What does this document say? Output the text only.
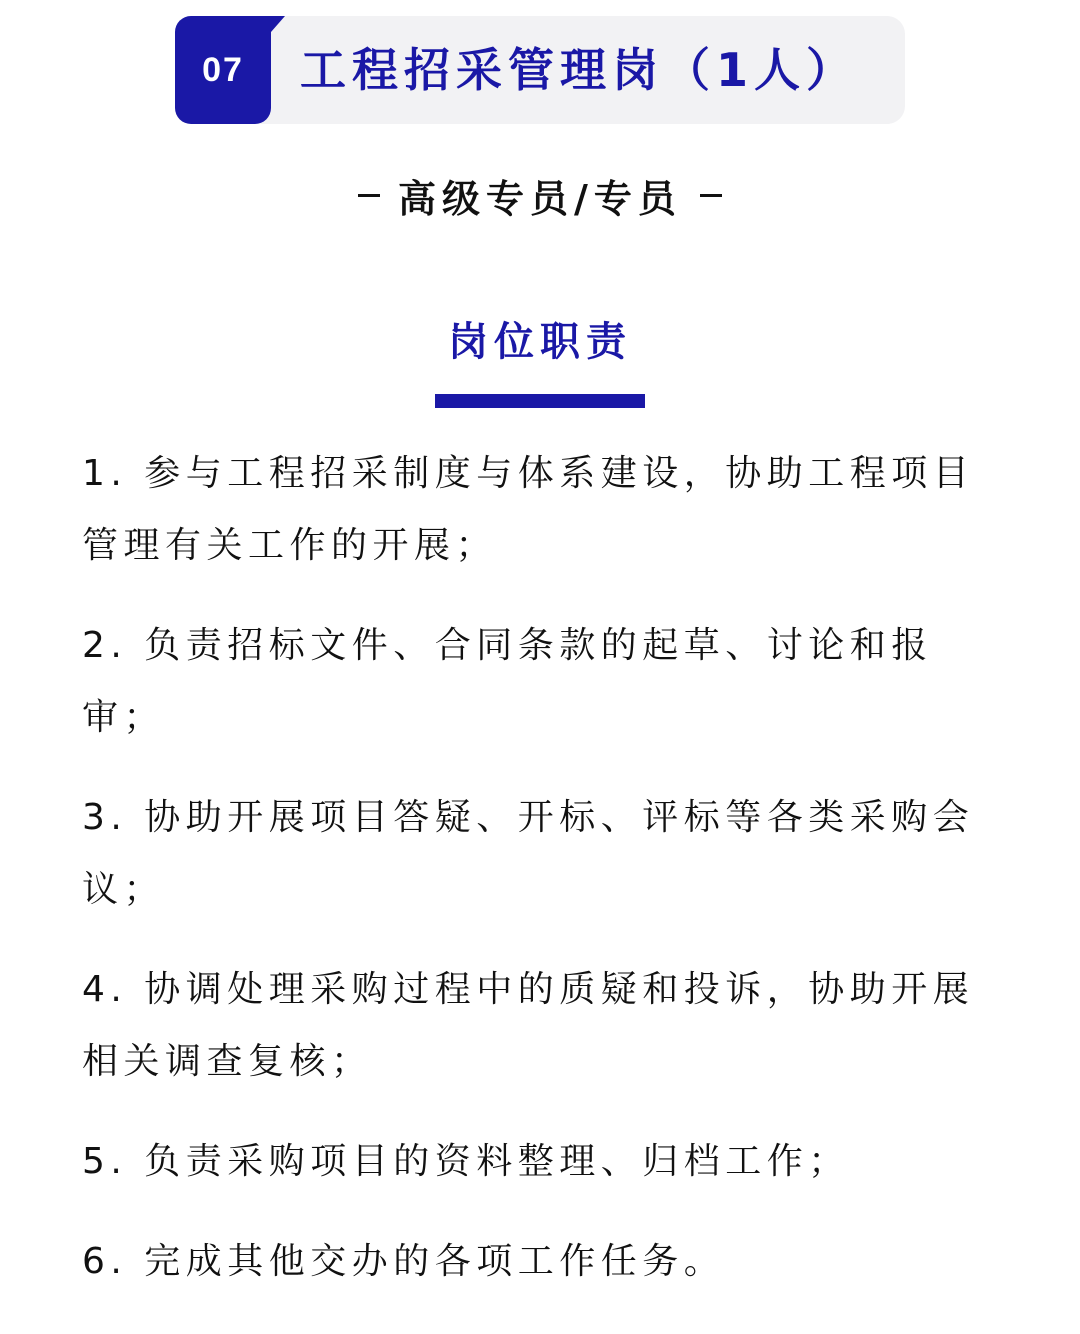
07 工程招采管理岗（1人）
高级专员/专员
岗位职责
1. 参与工程招采制度与体系建设，协助工程项目管理有关工作的开展；
2. 负责招标文件、合同条款的起草、讨论和报审；
3. 协助开展项目答疑、开标、评标等各类采购会议；
4. 协调处理采购过程中的质疑和投诉，协助开展相关调查复核；
5. 负责采购项目的资料整理、归档工作；
6. 完成其他交办的各项工作任务。
